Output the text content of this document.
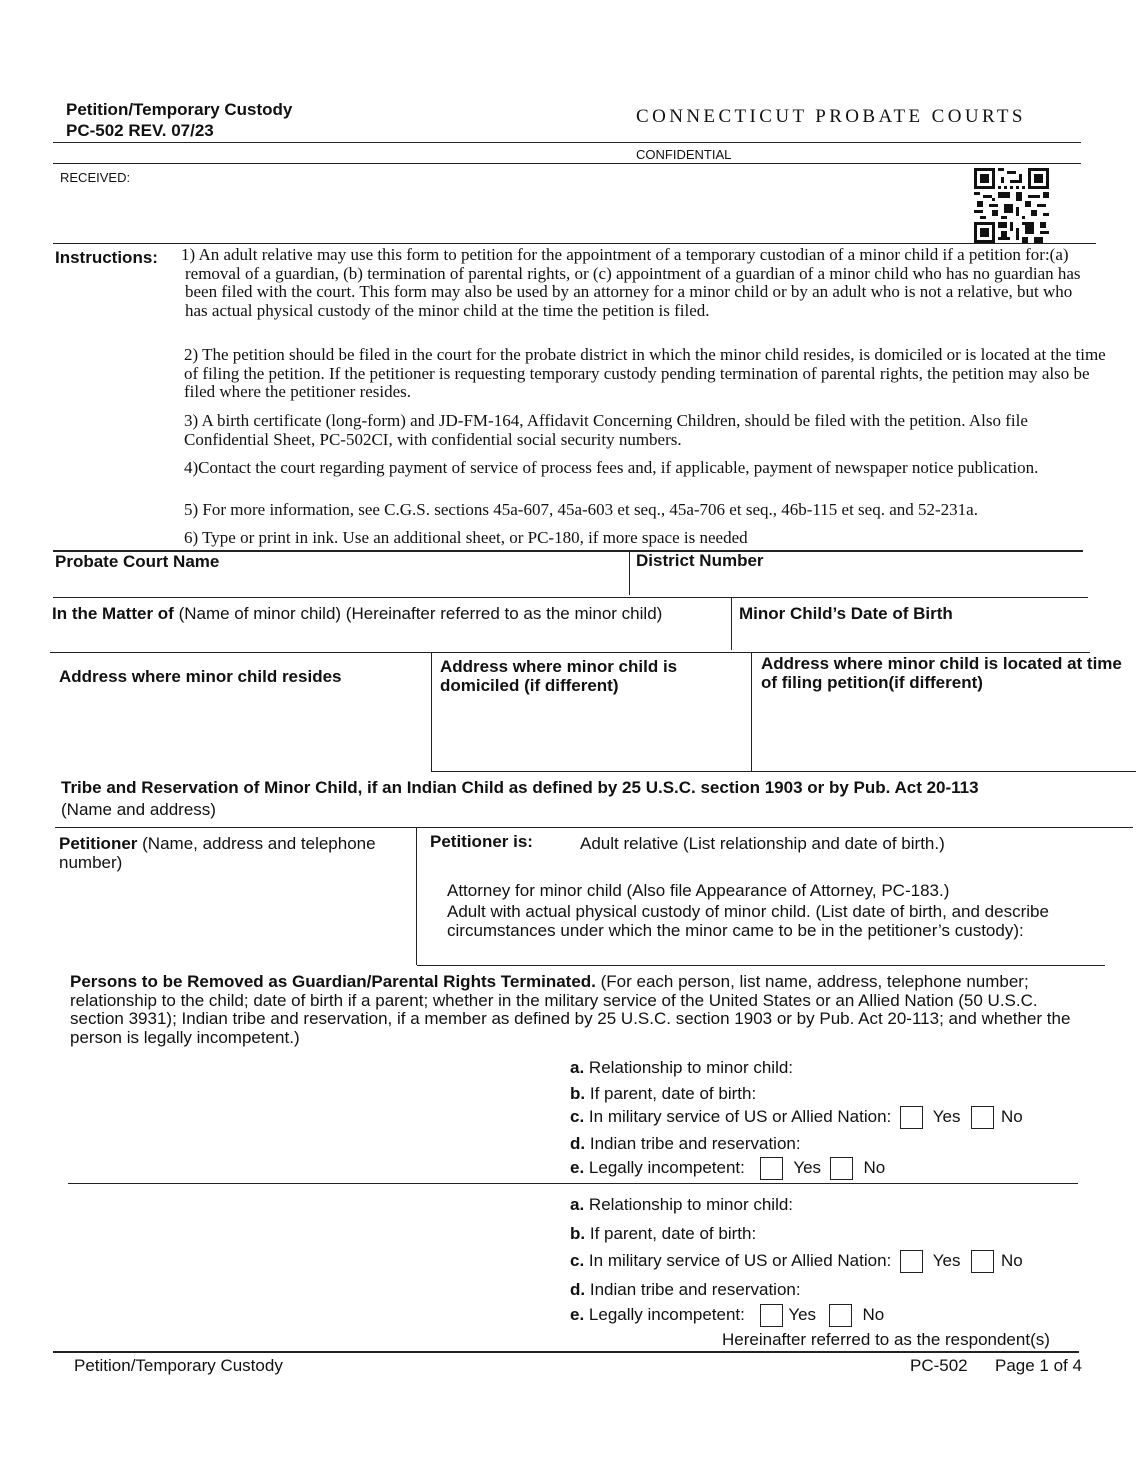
Petition/Temporary Custody
PC-502 REV. 07/23
CONNECTICUT PROBATE COURTS
CONFIDENTIAL
RECEIVED:
Instructions: 1) An adult relative may use this form to petition for the appointment of a temporary custodian of a minor child if a petition for:(a) removal of a guardian, (b) termination of parental rights, or (c) appointment of a guardian of a minor child who has no guardian has been filed with the court. This form may also be used by an attorney for a minor child or by an adult who is not a relative, but who has actual physical custody of the minor child at the time the petition is filed.
2) The petition should be filed in the court for the probate district in which the minor child resides, is domiciled or is located at the time of filing the petition. If the petitioner is requesting temporary custody pending termination of parental rights, the petition may also be filed where the petitioner resides.
3) A birth certificate (long-form) and JD-FM-164, Affidavit Concerning Children, should be filed with the petition. Also file Confidential Sheet, PC-502CI, with confidential social security numbers.
4)Contact the court regarding payment of service of process fees and, if applicable, payment of newspaper notice publication.
5) For more information, see C.G.S. sections 45a-607, 45a-603 et seq., 45a-706 et seq., 46b-115 et seq. and 52-231a.
6) Type or print in ink. Use an additional sheet, or PC-180, if more space is needed
Probate Court Name	District Number
In the Matter of (Name of minor child) (Hereinafter referred to as the minor child)	Minor Child’s Date of Birth
Address where minor child resides
Address where minor child is domiciled (if different)
Address where minor child is located at time of filing petition(if different)
Tribe and Reservation of Minor Child, if an Indian Child as defined by 25 U.S.C. section 1903 or by Pub. Act 20-113
(Name and address)
Petitioner (Name, address and telephone number)
Petitioner is:	Adult relative (List relationship and date of birth.)
Attorney for minor child (Also file Appearance of Attorney, PC-183.)
Adult with actual physical custody of minor child. (List date of birth, and describe circumstances under which the minor came to be in the petitioner’s custody):
Persons to be Removed as Guardian/Parental Rights Terminated. (For each person, list name, address, telephone number; relationship to the child; date of birth if a parent; whether in the military service of the United States or an Allied Nation (50 U.S.C. section 3931); Indian tribe and reservation, if a member as defined by 25 U.S.C. section 1903 or by Pub. Act 20-113; and whether the person is legally incompetent.)
a. Relationship to minor child:
b. If parent, date of birth:
c. In military service of US or Allied Nation: Yes No
d. Indian tribe and reservation:
e. Legally incompetent:	Yes No
a. Relationship to minor child:
b. If parent, date of birth:
c. In military service of US or Allied Nation: Yes No
d. Indian tribe and reservation:
e. Legally incompetent:	Yes	No
Hereinafter referred to as the respondent(s)
Petition/Temporary Custody	PC-502 Page 1 of 4
